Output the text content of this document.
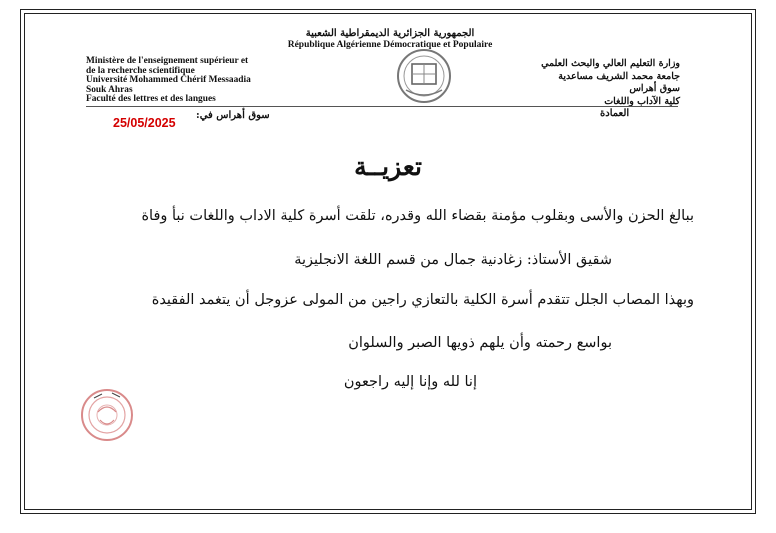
الجمهورية الجزائرية الديمقراطية الشعبية
République Algérienne Démocratique et Populaire
Ministère de l'enseignement supérieur et
de la recherche scientifique
Université Mohammed Chérif Messaadia
Souk Ahras
Faculté des lettres et des langues
وزارة التعليم العالي والبحث العلمي
جامعة محمد الشريف مساعدية
سوق أهراس
كلية الآداب واللغات
25/05/2025
سوق أهراس في:	العمادة
تعزيــة
ببالغ الحزن والأسى وبقلوب مؤمنة بقضاء الله وقدره، تلقت أسرة كلية الاداب واللغات نبأ وفاة
شقيق الأستاذ: زغادنية جمال من قسم اللغة الانجليزية
وبهذا المصاب الجلل تتقدم أسرة الكلية بالتعازي راجين من المولى عزوجل أن يتغمد الفقيدة
بواسع رحمته وأن يلهم ذويها الصبر والسلوان
إنا لله وإنا إليه راجعون
